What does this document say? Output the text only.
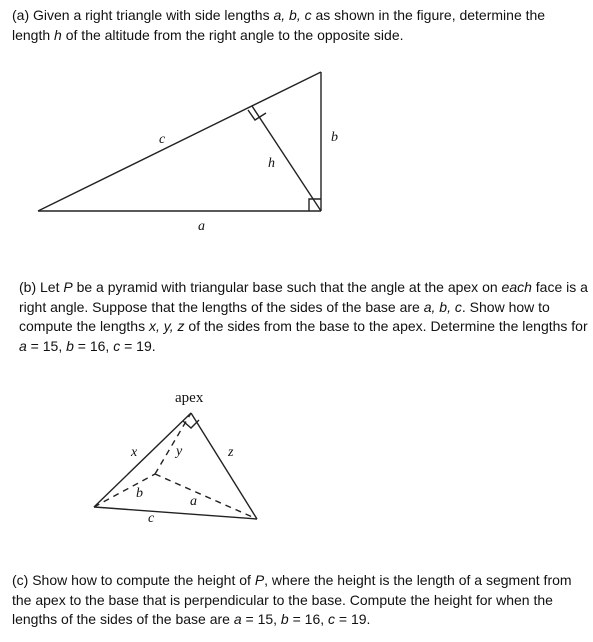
(a) Given a right triangle with side lengths a, b, c as shown in the figure, determine the length h of the altitude from the right angle to the opposite side.

c	b
h
a
apex
x	y	z
b
a
c

(b) Let P be a pyramid with triangular base such that the angle at the apex on each face is a right angle. Suppose that the lengths of the sides of the base are a, b, c. Show how to compute the lengths x, y, z of the sides from the base to the apex. Determine the lengths for a = 15, b = 16, c = 19.

(c) Show how to compute the height of P, where the height is the length of a segment from the apex to the base that is perpendicular to the base. Compute the height for when the lengths of the sides of the base are a = 15, b = 16, c = 19.
